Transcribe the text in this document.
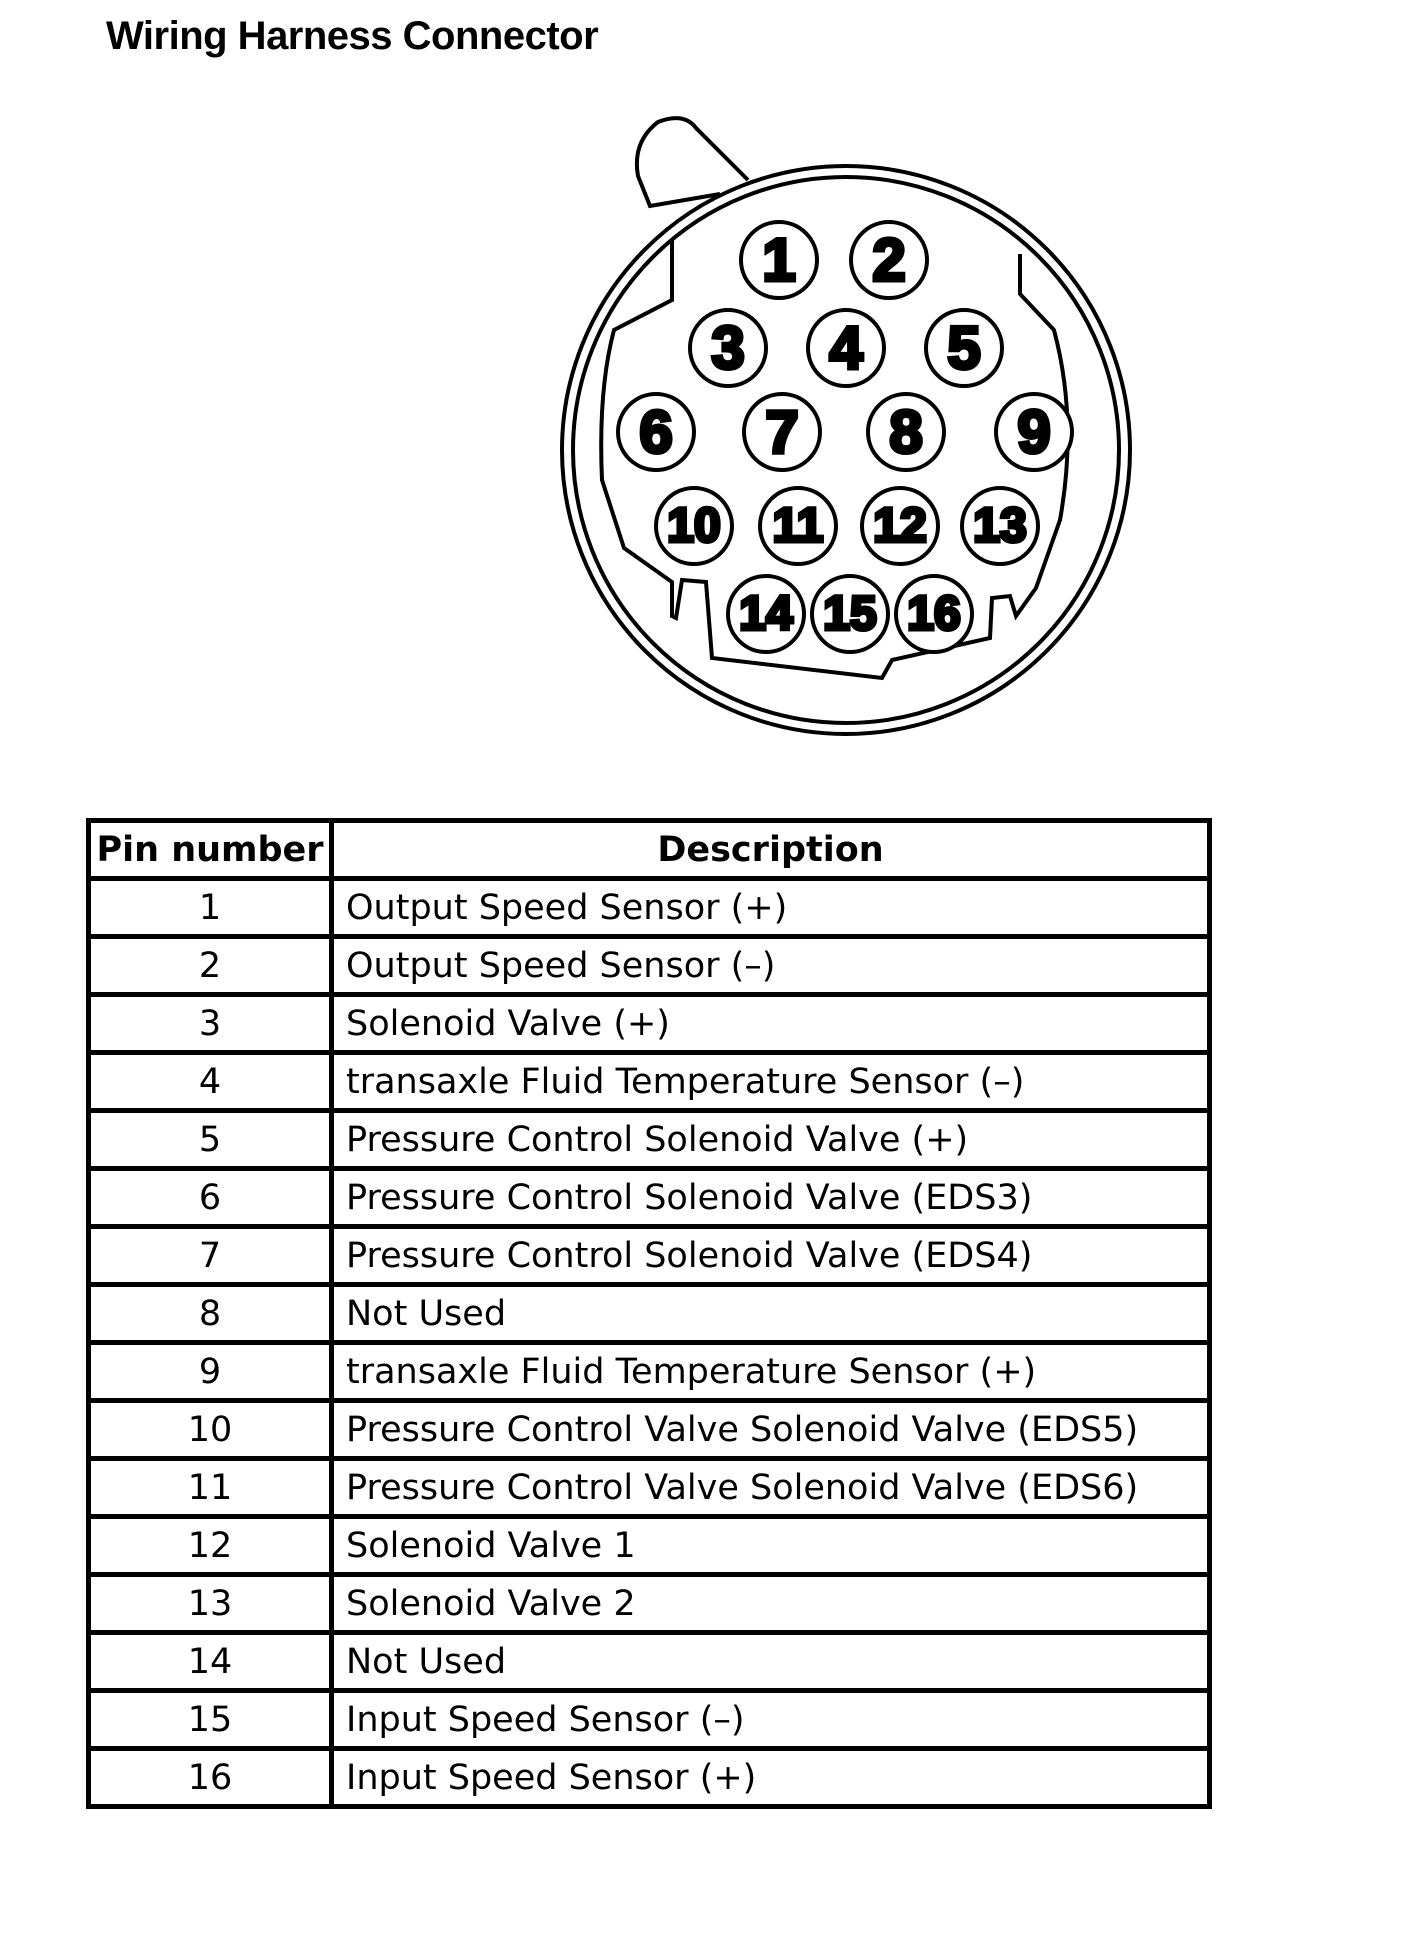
Wiring Harness Connector
1 2
3 4 5
6 7 8 9
10 11 12 13
14 15 16
Pin number	Description
1	Output Speed Sensor (+)
2	Output Speed Sensor (–)
3	Solenoid Valve (+)
4	transaxle Fluid Temperature Sensor (–)
5	Pressure Control Solenoid Valve (+)
6	Pressure Control Solenoid Valve (EDS3)
7	Pressure Control Solenoid Valve (EDS4)
8	Not Used
9	transaxle Fluid Temperature Sensor (+)
10	Pressure Control Valve Solenoid Valve (EDS5)
11	Pressure Control Valve Solenoid Valve (EDS6)
12	Solenoid Valve 1
13	Solenoid Valve 2
14	Not Used
15	Input Speed Sensor (–)
16	Input Speed Sensor (+)
